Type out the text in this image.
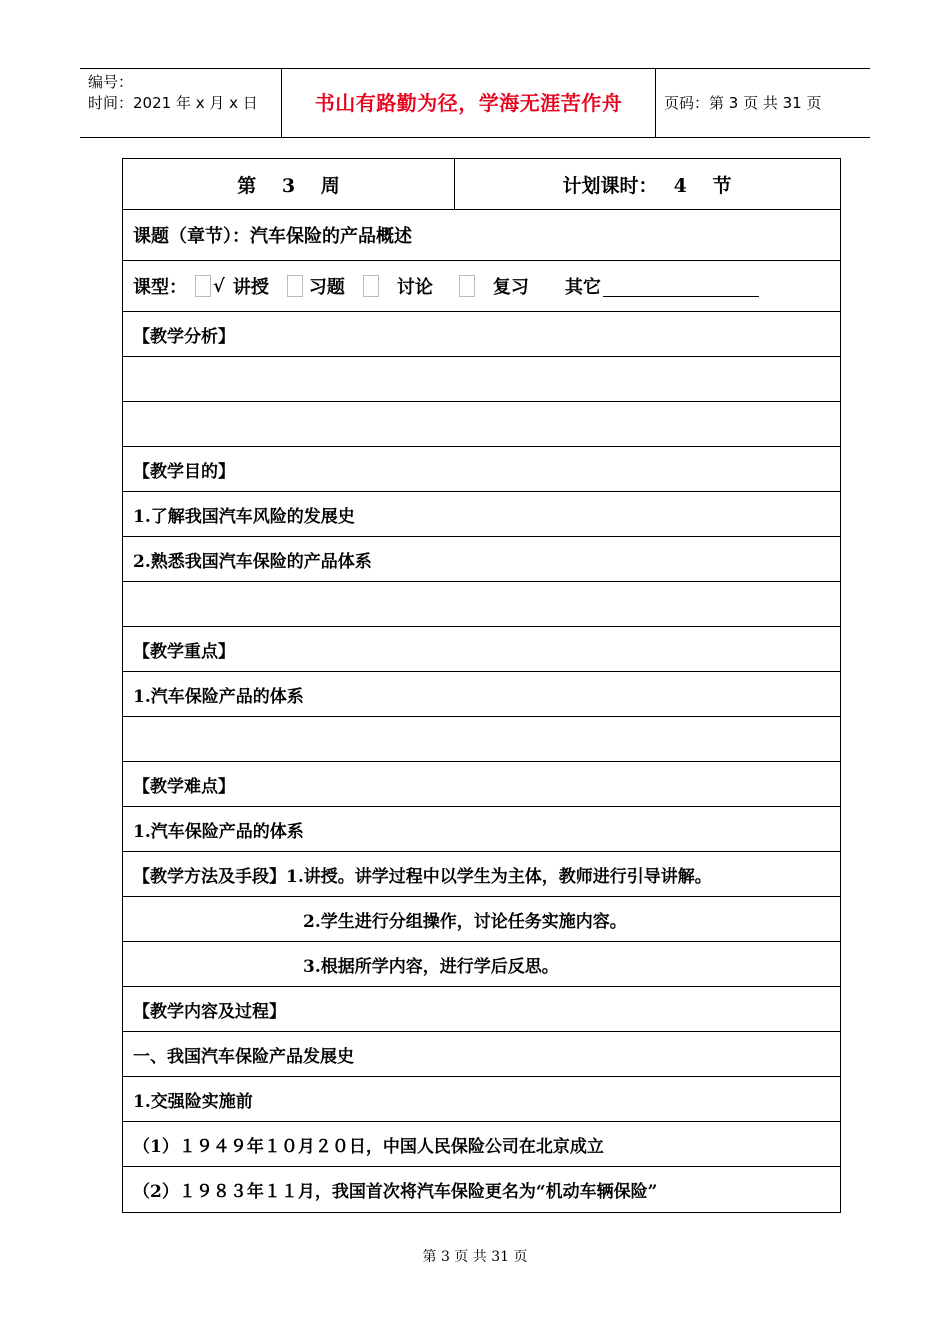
编号：
时间：2021 年 x 月 x 日	书山有路勤为径，学海无涯苦作舟	页码：第 3 页 共 31 页
第　 3　 周	计划课时：　 4　 节
课题（章节）：汽车保险的产品概述
课型： √ 讲授 习题	讨论	复习 其它
【教学分析】
【教学目的】
1.了解我国汽车风险的发展史
2.熟悉我国汽车保险的产品体系
【教学重点】
1.汽车保险产品的体系
【教学难点】
1.汽车保险产品的体系
【教学方法及手段】1.讲授。讲学过程中以学生为主体，教师进行引导讲解。
2.学生进行分组操作，讨论任务实施内容。
3.根据所学内容，进行学后反思。
【教学内容及过程】
一、我国汽车保险产品发展史
1.交强险实施前
（1）１９４９年１０月２０日，中国人民保险公司在北京成立
（2）１９８３年１１月，我国首次将汽车保险更名为“机动车辆保险”
第 3 页 共 31 页
